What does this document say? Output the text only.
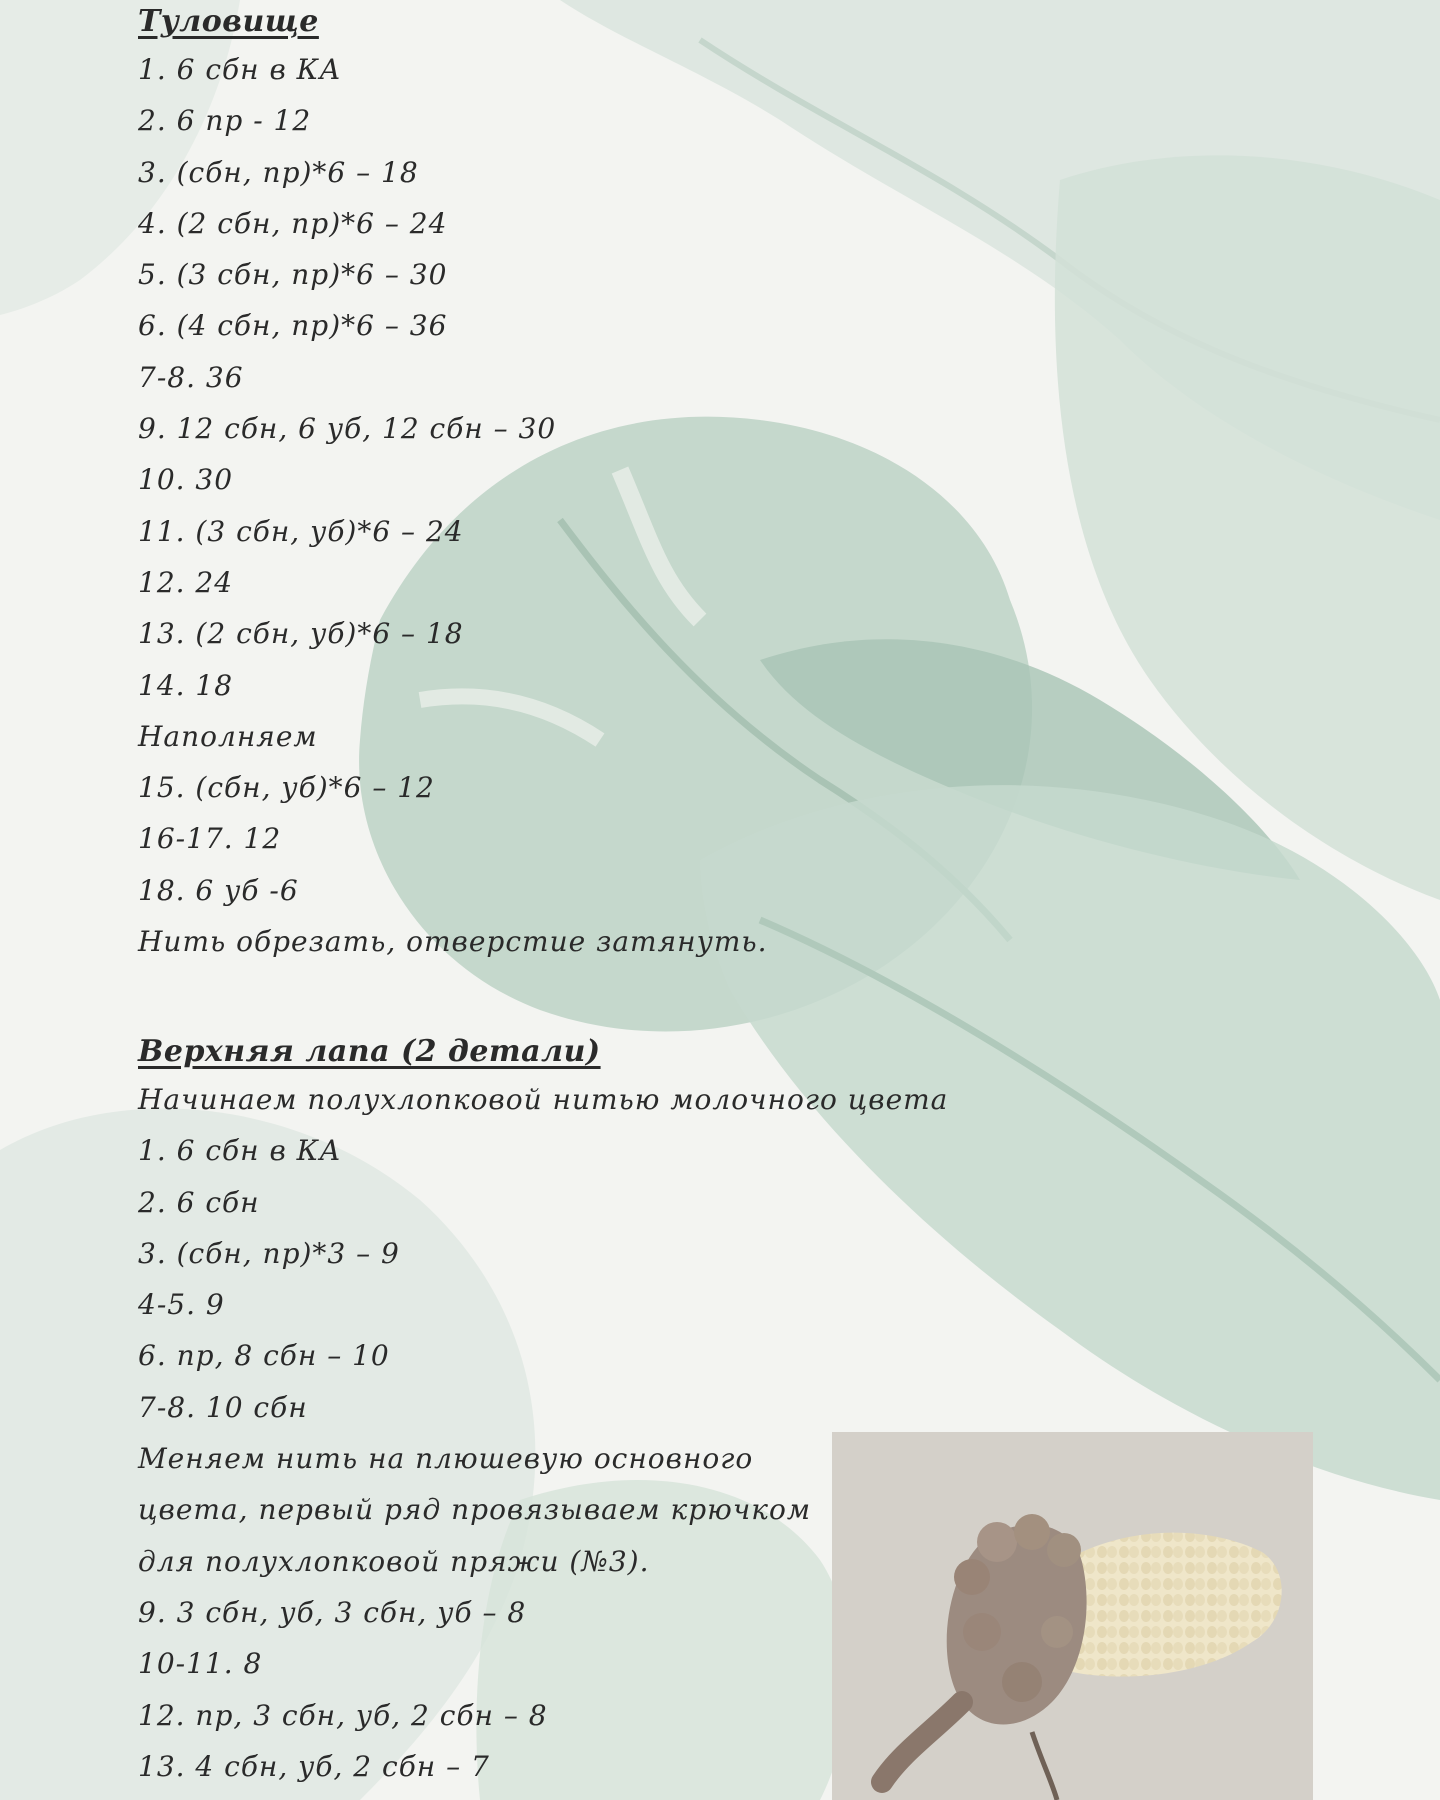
Туловище
1. 6 сбн в КА
2. 6 пр - 12
3. (сбн, пр)*6 – 18
4. (2 сбн, пр)*6 – 24
5. (3 сбн, пр)*6 – 30
6. (4 сбн, пр)*6 – 36
7-8. 36
9. 12 сбн, 6 уб, 12 сбн – 30
10. 30
11. (3 сбн, уб)*6 – 24
12. 24
13. (2 сбн, уб)*6 – 18
14. 18
Наполняем
15. (сбн, уб)*6 – 12
16-17. 12
18. 6 уб -6
Нить обрезать, отверстие затянуть.
Верхняя лапа (2 детали)
Начинаем полухлопковой нитью молочного цвета
1. 6 сбн в КА
2. 6 сбн
3. (сбн, пр)*3 – 9
4-5. 9
6. пр, 8 сбн – 10
7-8. 10 сбн
Меняем нить на плюшевую основного
цвета, первый ряд провязываем крючком
для полухлопковой пряжи (№3).
9. 3 сбн, уб, 3 сбн, уб – 8
10-11. 8
12. пр, 3 сбн, уб, 2 сбн – 8
13. 4 сбн, уб, 2 сбн – 7
